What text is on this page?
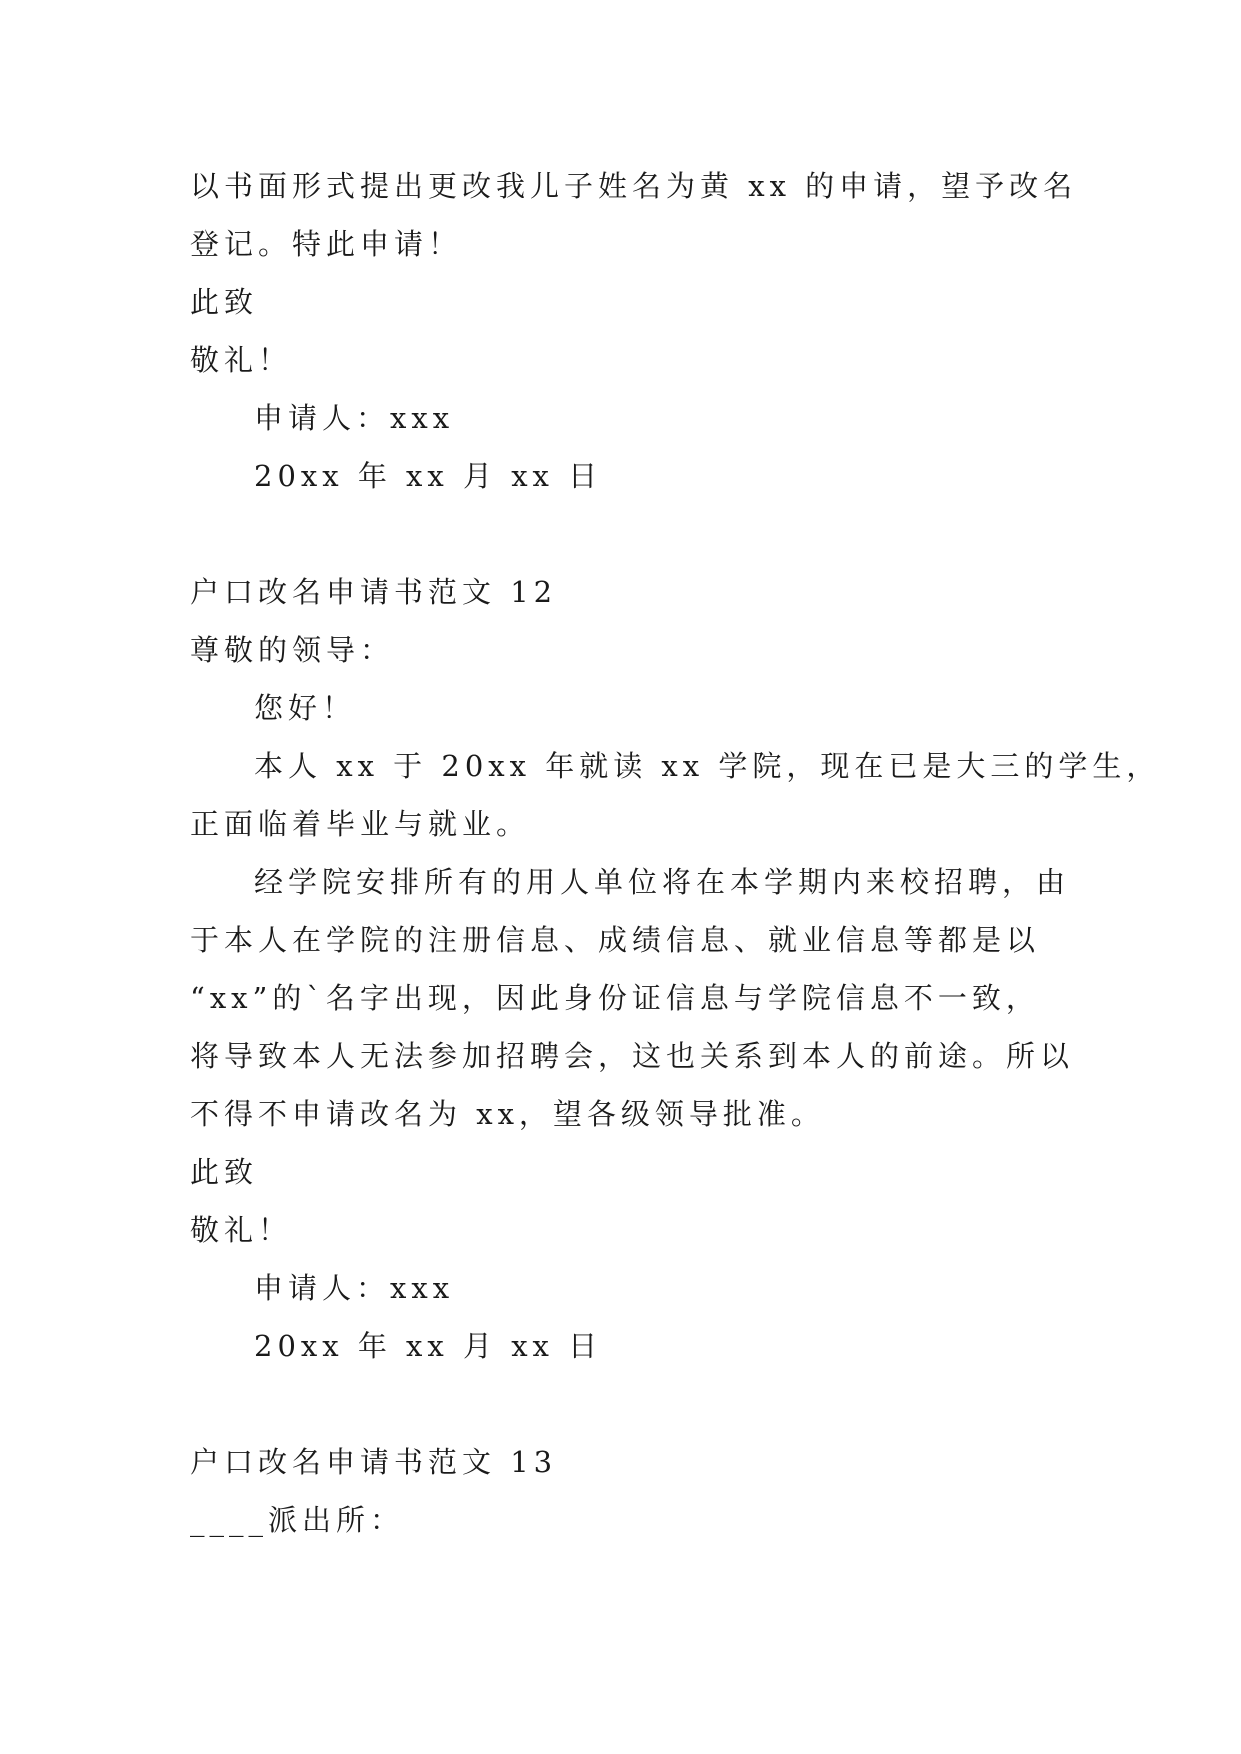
以书面形式提出更改我儿子姓名为黄 xx 的申请，望予改名
登记。特此申请！
此致
敬礼！
申请人：xxx
20xx 年 xx 月 xx 日
户口改名申请书范文 12
尊敬的领导：
您好！
本人 xx 于 20xx 年就读 xx 学院，现在已是大三的学生，
正面临着毕业与就业。
经学院安排所有的用人单位将在本学期内来校招聘，由
于本人在学院的注册信息、成绩信息、就业信息等都是以
“xx”的`名字出现，因此身份证信息与学院信息不一致，
将导致本人无法参加招聘会，这也关系到本人的前途。所以
不得不申请改名为 xx，望各级领导批准。
此致
敬礼！
申请人：xxx
20xx 年 xx 月 xx 日
户口改名申请书范文 13
____派出所：
